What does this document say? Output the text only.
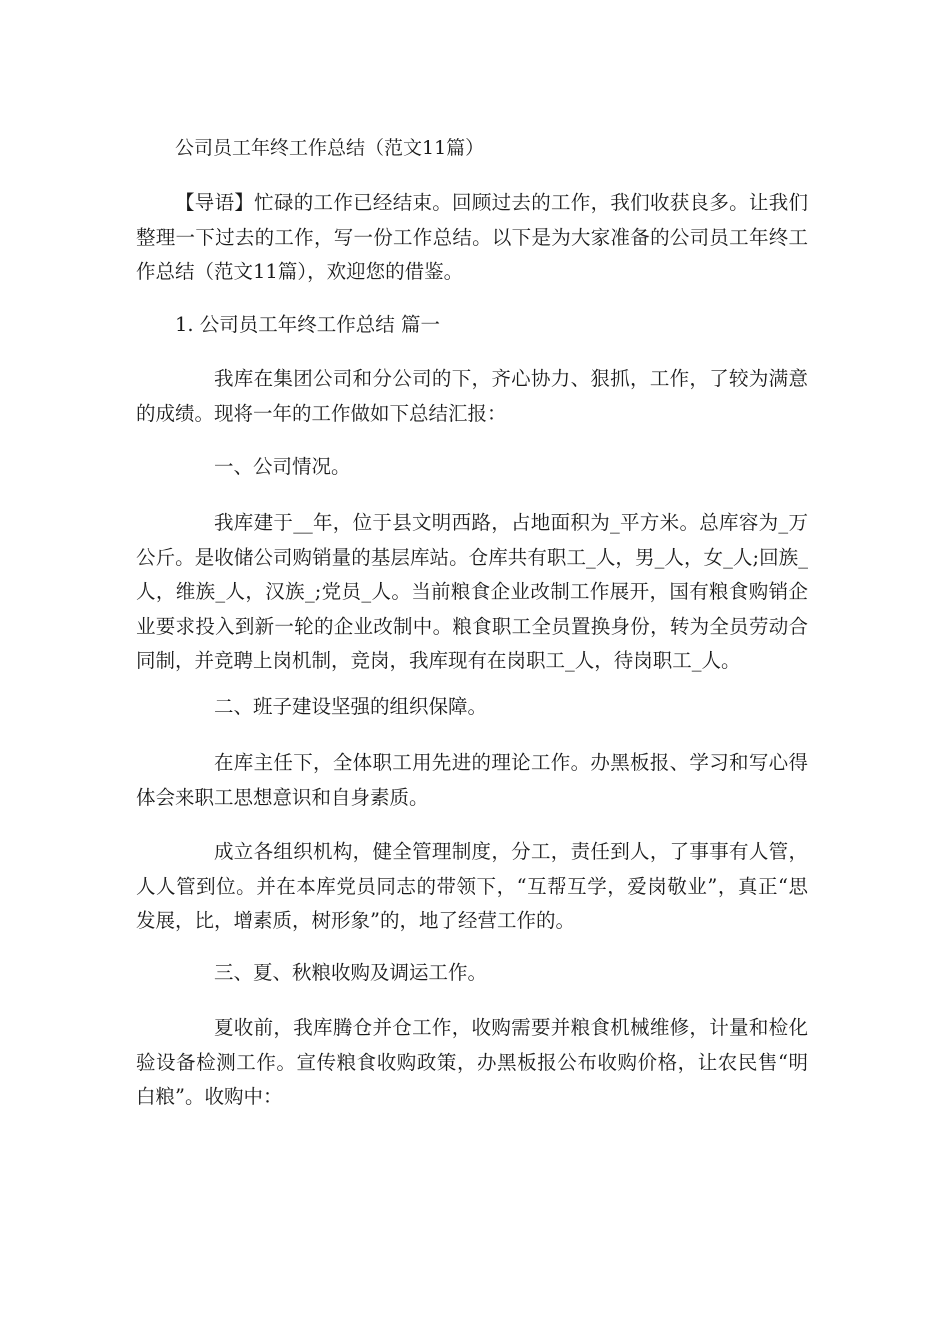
公司员工年终工作总结（范文11篇）

【导语】忙碌的工作已经结束。回顾过去的工作，我们收获良多。让我们整理一下过去的工作，写一份工作总结。以下是为大家准备的公司员工年终工作总结（范文11篇），欢迎您的借鉴。

1. 公司员工年终工作总结 篇一

我库在集团公司和分公司的下，齐心协力、狠抓，工作，了较为满意的成绩。现将一年的工作做如下总结汇报：

一、公司情况。

我库建于__年，位于县文明西路，占地面积为_平方米。总库容为_万公斤。是收储公司购销量的基层库站。仓库共有职工_人，男_人，女_人;回族_人，维族_人，汉族_;党员_人。当前粮食企业改制工作展开，国有粮食购销企业要求投入到新一轮的企业改制中。粮食职工全员置换身份，转为全员劳动合同制，并竞聘上岗机制，竞岗，我库现有在岗职工_人，待岗职工_人。

二、班子建设坚强的组织保障。

在库主任下，全体职工用先进的理论工作。办黑板报、学习和写心得体会来职工思想意识和自身素质。

成立各组织机构，健全管理制度，分工，责任到人，了事事有人管，人人管到位。并在本库党员同志的带领下，“互帮互学，爱岗敬业”，真正“思发展，比，增素质，树形象”的，地了经营工作的。

三、夏、秋粮收购及调运工作。

夏收前，我库腾仓并仓工作，收购需要并粮食机械维修，计量和检化验设备检测工作。宣传粮食收购政策，办黑板报公布收购价格，让农民售“明白粮”。收购中：
